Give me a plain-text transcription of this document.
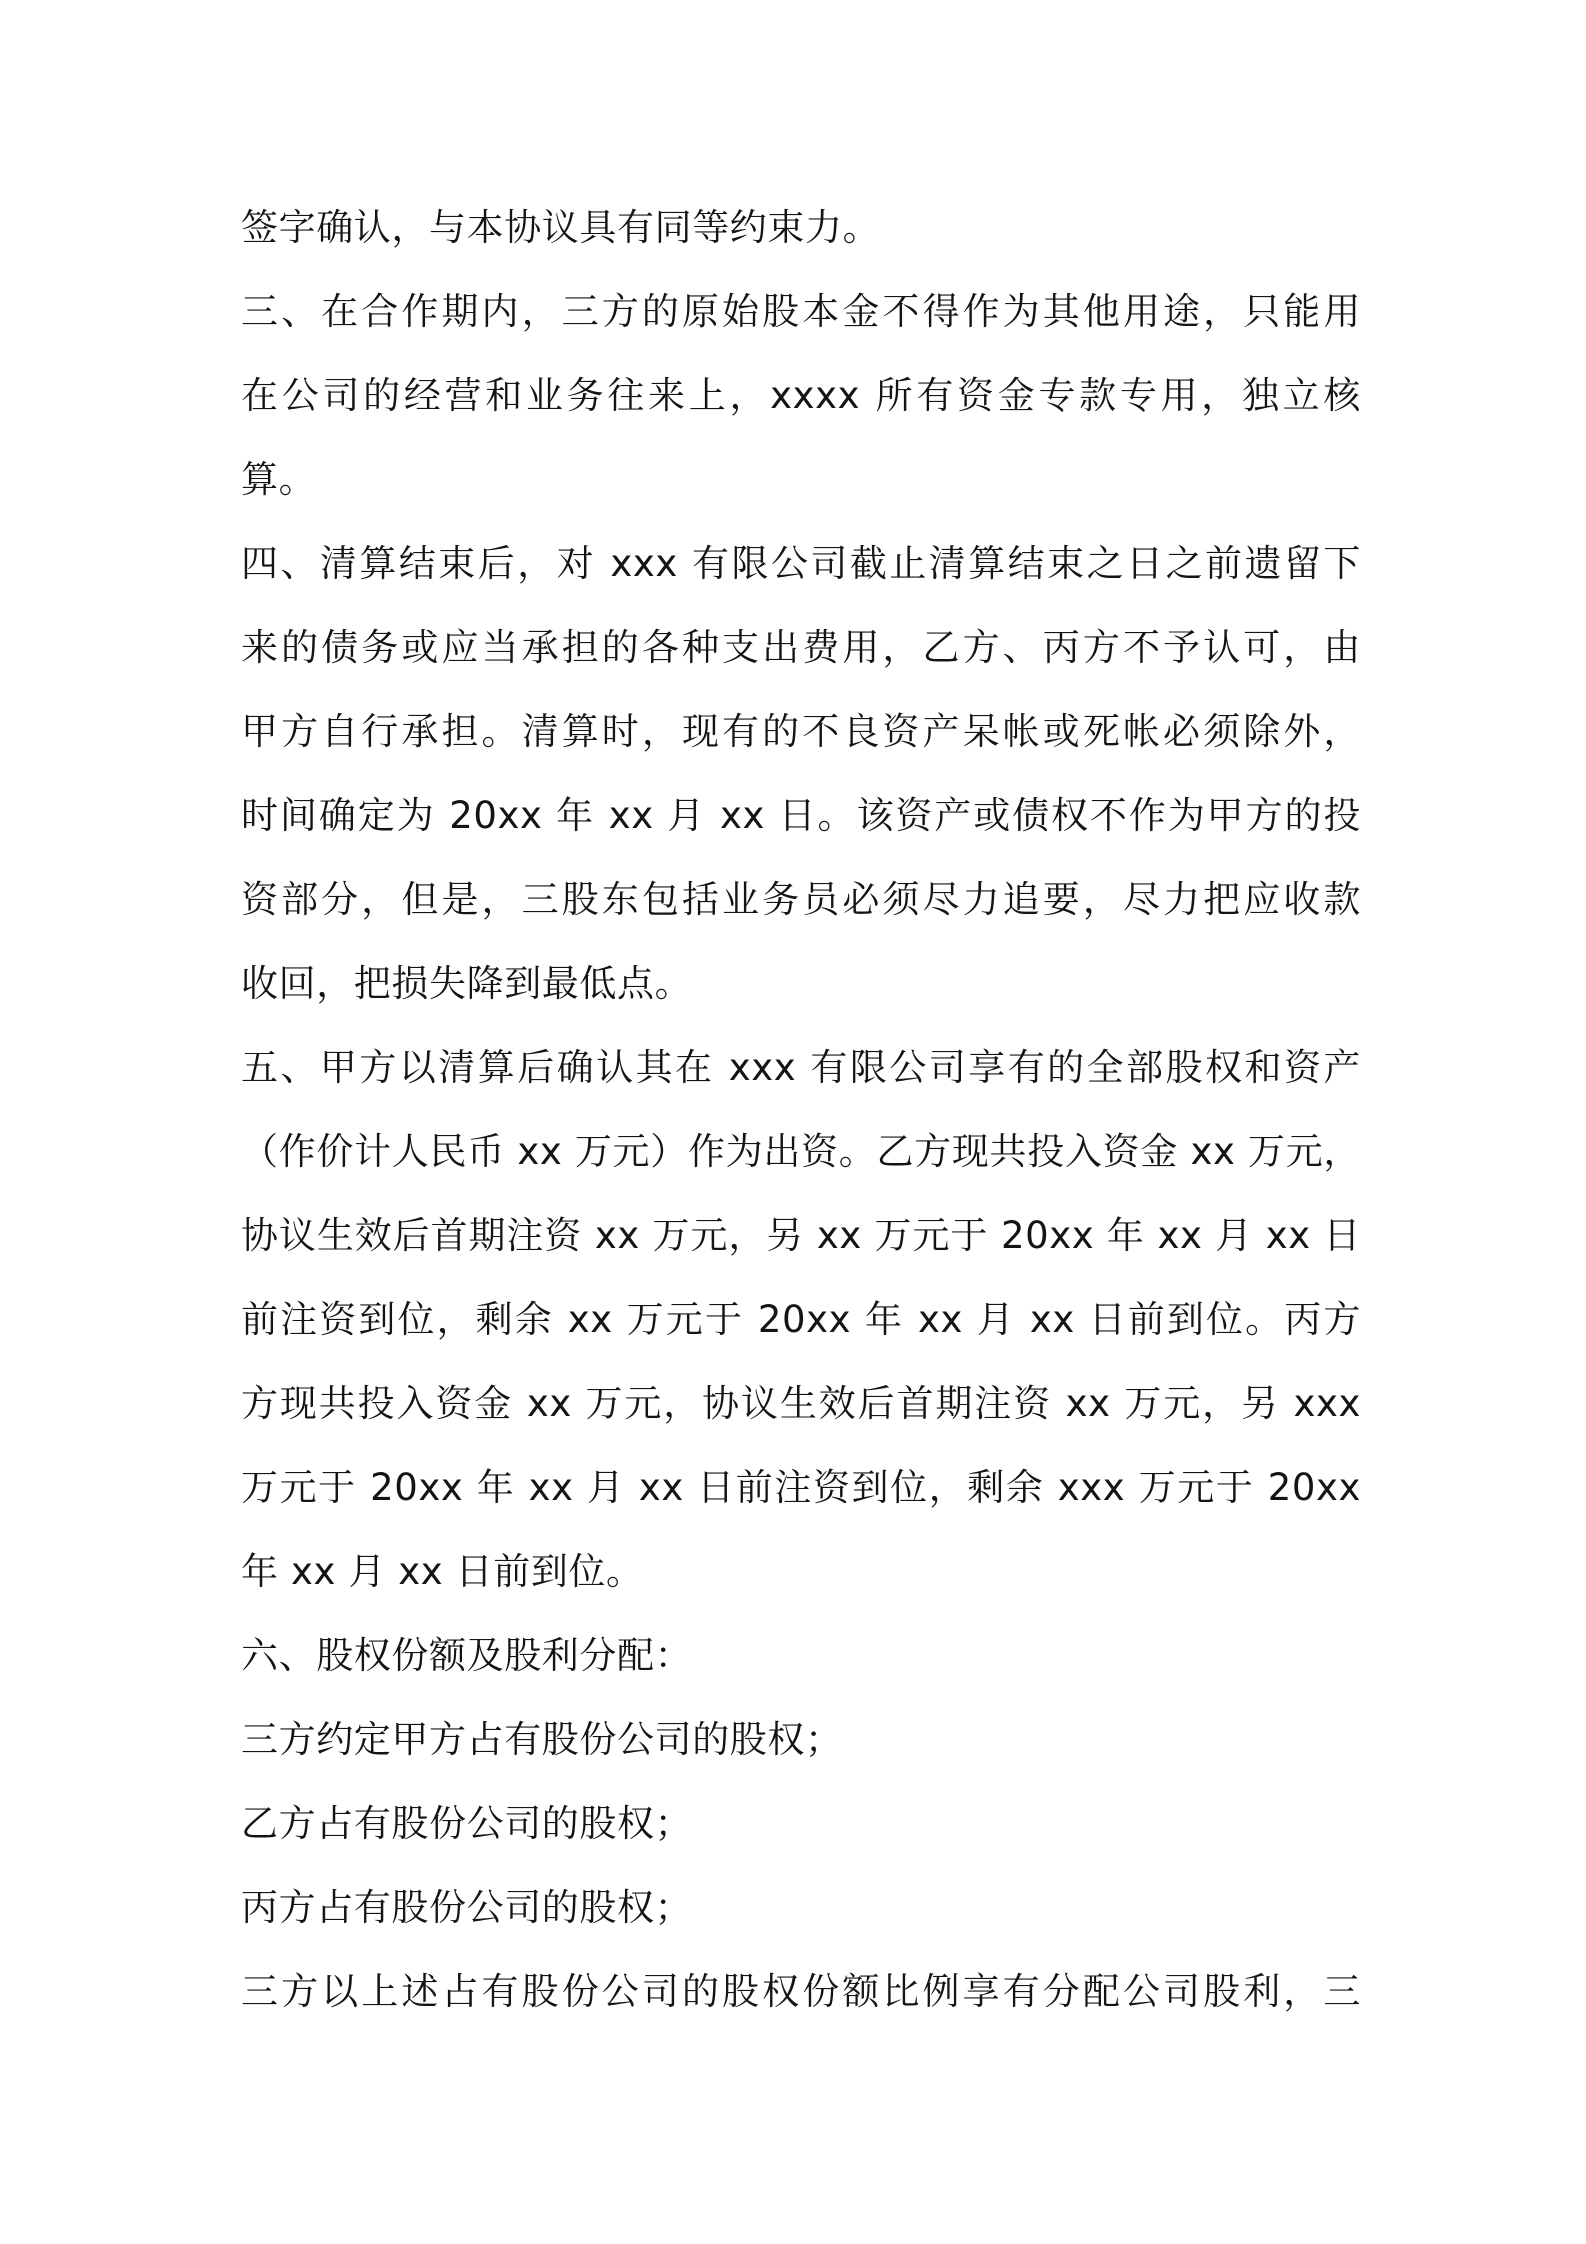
签字确认，与本协议具有同等约束力。
三、在合作期内，三方的原始股本金不得作为其他用途，只能用
在公司的经营和业务往来上，xxxx 所有资金专款专用，独立核
算。
四、清算结束后，对 xxx 有限公司截止清算结束之日之前遗留下
来的债务或应当承担的各种支出费用，乙方、丙方不予认可，由
甲方自行承担。清算时，现有的不良资产呆帐或死帐必须除外，
时间确定为 20xx 年 xx 月 xx 日。该资产或债权不作为甲方的投
资部分，但是，三股东包括业务员必须尽力追要，尽力把应收款
收回，把损失降到最低点。
五、甲方以清算后确认其在 xxx 有限公司享有的全部股权和资产
（作价计人民币 xx 万元）作为出资。乙方现共投入资金 xx 万元，
协议生效后首期注资 xx 万元，另 xx 万元于 20xx 年 xx 月 xx 日
前注资到位，剩余 xx 万元于 20xx 年 xx 月 xx 日前到位。丙方
方现共投入资金 xx 万元，协议生效后首期注资 xx 万元，另 xxx
万元于 20xx 年 xx 月 xx 日前注资到位，剩余 xxx 万元于 20xx
年 xx 月 xx 日前到位。
六、股权份额及股利分配：
三方约定甲方占有股份公司的股权；
乙方占有股份公司的股权；
丙方占有股份公司的股权；
三方以上述占有股份公司的股权份额比例享有分配公司股利，三
